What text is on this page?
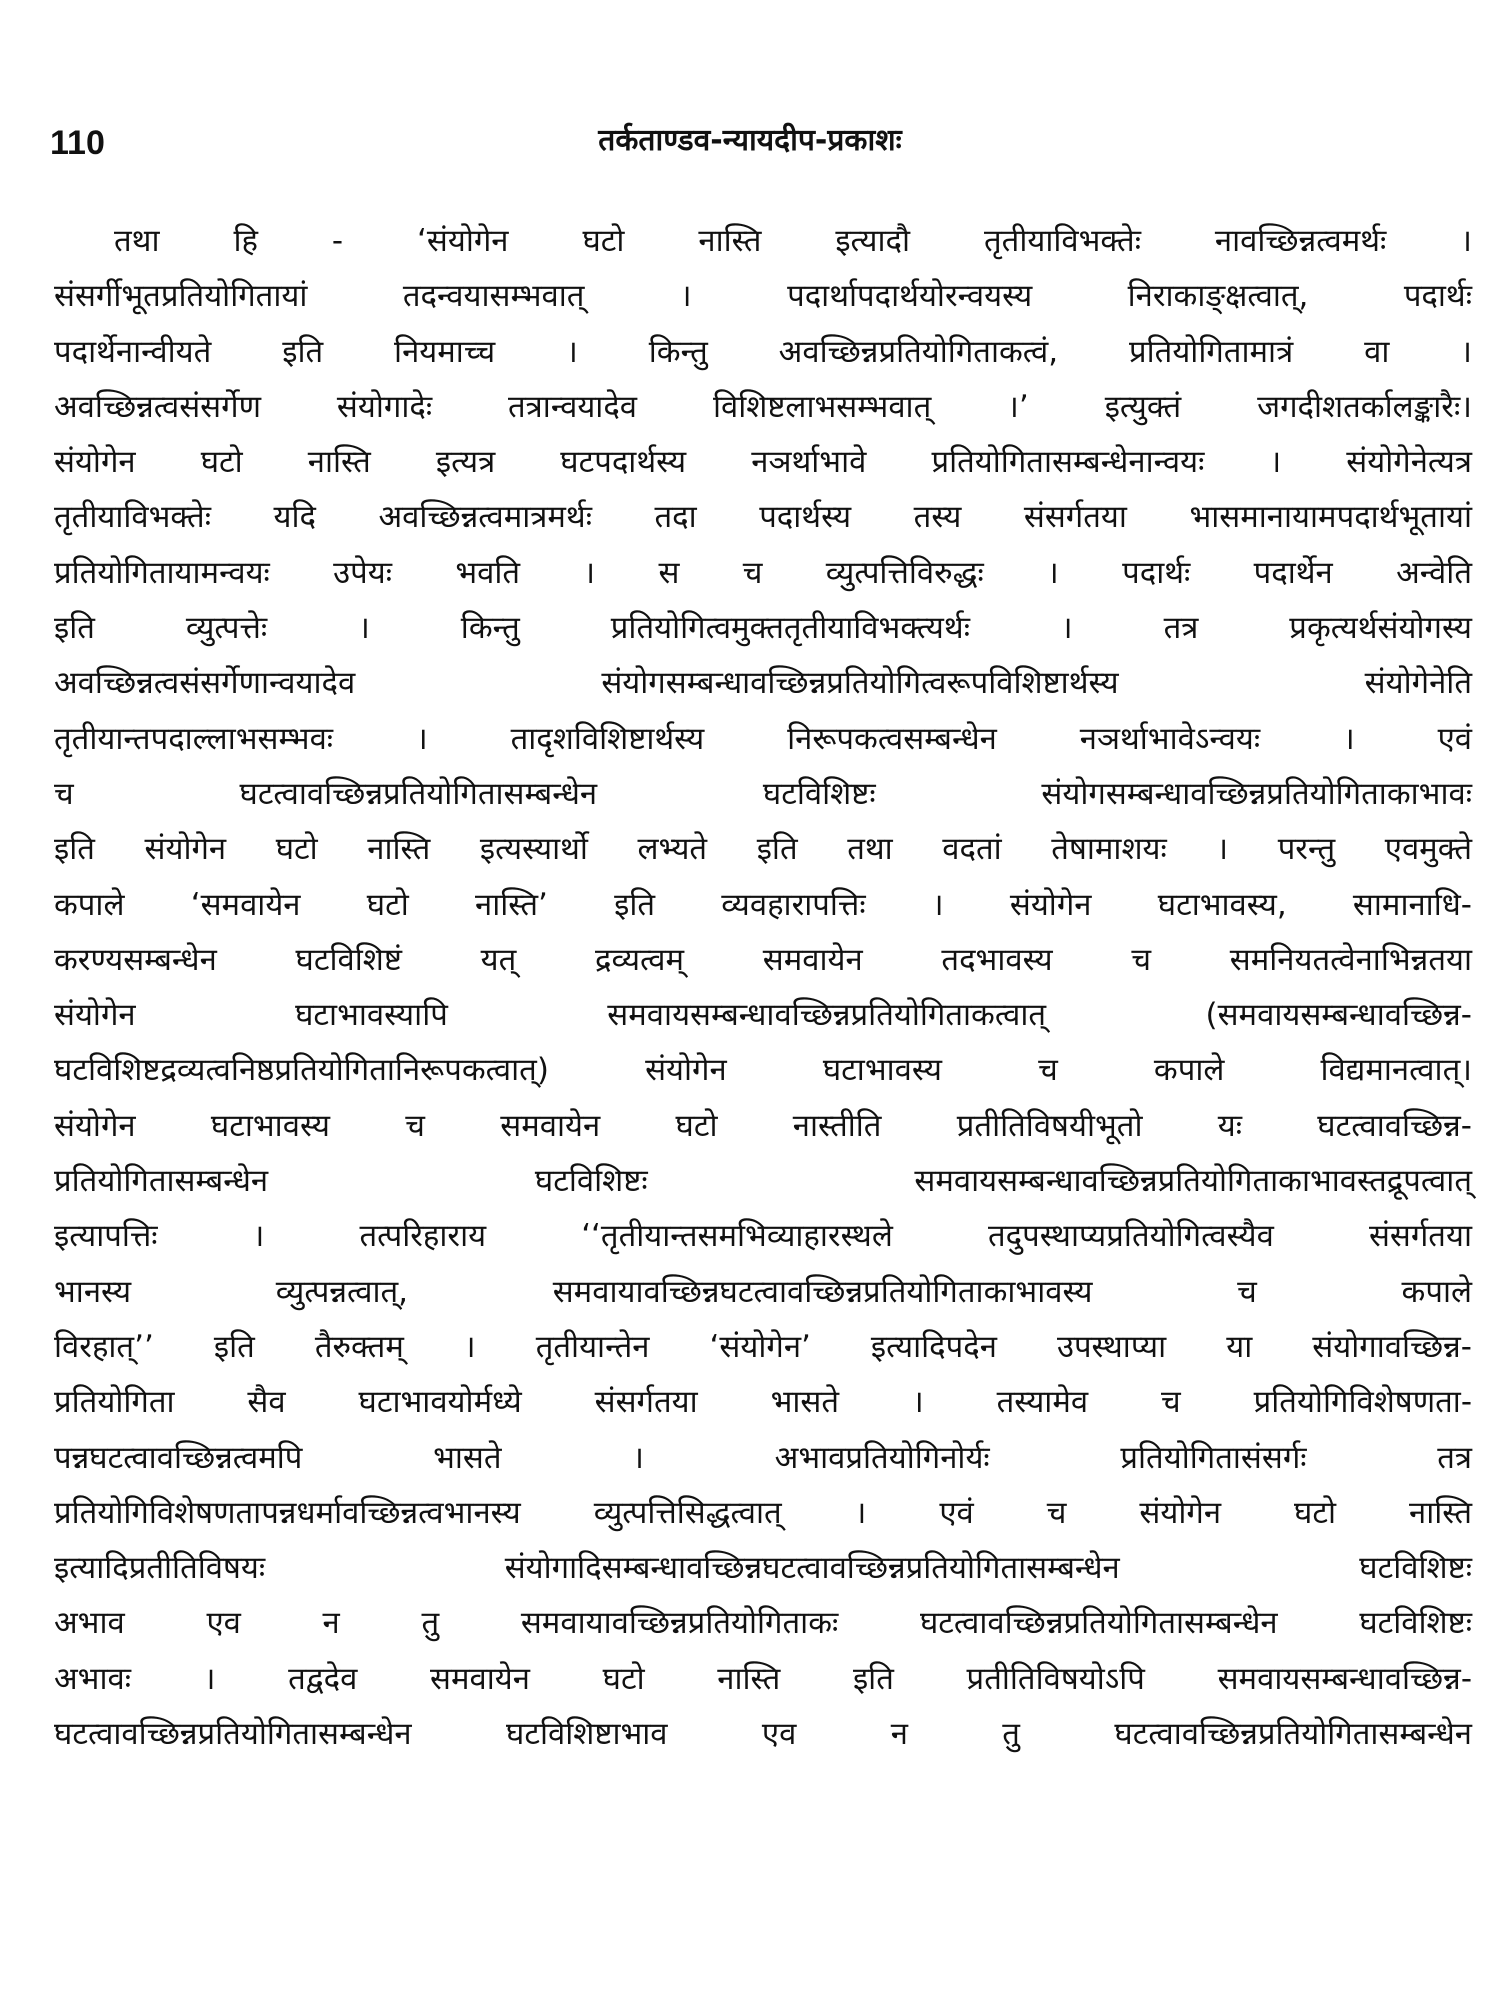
110	तर्कताण्डव-न्यायदीप-प्रकाशः
तथा हि - ‘संयोगेन घटो नास्ति इत्यादौ तृतीयाविभक्तेः नावच्छिन्नत्वमर्थः ।
संसर्गीभूतप्रतियोगितायां तदन्वयासम्भवात् । पदार्थापदार्थयोरन्वयस्य निराकाङ्क्षत्वात्, पदार्थः
पदार्थेनान्वीयते इति नियमाच्च । किन्तु अवच्छिन्नप्रतियोगिताकत्वं, प्रतियोगितामात्रं वा ।
अवच्छिन्नत्वसंसर्गेण संयोगादेः तत्रान्वयादेव विशिष्टलाभसम्भवात् ।’ इत्युक्तं जगदीशतर्कालङ्कारैः।
संयोगेन घटो नास्ति इत्यत्र घटपदार्थस्य नञर्थाभावे प्रतियोगितासम्बन्धेनान्वयः । संयोगेनेत्यत्र
तृतीयाविभक्तेः यदि अवच्छिन्नत्वमात्रमर्थः तदा पदार्थस्य तस्य संसर्गतया भासमानायामपदार्थभूतायां
प्रतियोगितायामन्वयः उपेयः भवति । स च व्युत्पत्तिविरुद्धः । पदार्थः पदार्थेन अन्वेति
इति व्युत्पत्तेः । किन्तु प्रतियोगित्वमुक्ततृतीयाविभक्त्यर्थः । तत्र प्रकृत्यर्थसंयोगस्य
अवच्छिन्नत्वसंसर्गेणान्वयादेव संयोगसम्बन्धावच्छिन्नप्रतियोगित्वरूपविशिष्टार्थस्य संयोगेनेति
तृतीयान्तपदाल्लाभसम्भवः । तादृशविशिष्टार्थस्य निरूपकत्वसम्बन्धेन नञर्थाभावेऽन्वयः । एवं
च घटत्वावच्छिन्नप्रतियोगितासम्बन्धेन घटविशिष्टः संयोगसम्बन्धावच्छिन्नप्रतियोगिताकाभावः
इति संयोगेन घटो नास्ति इत्यस्यार्थो लभ्यते इति तथा वदतां तेषामाशयः । परन्तु एवमुक्ते
कपाले ‘समवायेन घटो नास्ति’ इति व्यवहारापत्तिः । संयोगेन घटाभावस्य, सामानाधि-
करण्यसम्बन्धेन घटविशिष्टं यत् द्रव्यत्वम् समवायेन तदभावस्य च समनियतत्वेनाभिन्नतया
संयोगेन घटाभावस्यापि समवायसम्बन्धावच्छिन्नप्रतियोगिताकत्वात् (समवायसम्बन्धावच्छिन्न-
घटविशिष्टद्रव्यत्वनिष्ठप्रतियोगितानिरूपकत्वात्) संयोगेन घटाभावस्य च कपाले विद्यमानत्वात्।
संयोगेन घटाभावस्य च समवायेन घटो नास्तीति प्रतीतिविषयीभूतो यः घटत्वावच्छिन्न-
प्रतियोगितासम्बन्धेन घटविशिष्टः समवायसम्बन्धावच्छिन्नप्रतियोगिताकाभावस्तद्रूपत्वात्
इत्यापत्तिः । तत्परिहाराय ‘‘तृतीयान्तसमभिव्याहारस्थले तदुपस्थाप्यप्रतियोगित्वस्यैव संसर्गतया
भानस्य व्युत्पन्नत्वात्, समवायावच्छिन्नघटत्वावच्छिन्नप्रतियोगिताकाभावस्य च कपाले
विरहात्’’ इति तैरुक्तम् । तृतीयान्तेन ‘संयोगेन’ इत्यादिपदेन उपस्थाप्या या संयोगावच्छिन्न-
प्रतियोगिता सैव घटाभावयोर्मध्ये संसर्गतया भासते । तस्यामेव च प्रतियोगिविशेषणता-
पन्नघटत्वावच्छिन्नत्वमपि भासते । अभावप्रतियोगिनोर्यः प्रतियोगितासंसर्गः तत्र
प्रतियोगिविशेषणतापन्नधर्मावच्छिन्नत्वभानस्य व्युत्पत्तिसिद्धत्वात् । एवं च संयोगेन घटो नास्ति
इत्यादिप्रतीतिविषयः संयोगादिसम्बन्धावच्छिन्नघटत्वावच्छिन्नप्रतियोगितासम्बन्धेन घटविशिष्टः
अभाव एव न तु समवायावच्छिन्नप्रतियोगिताकः घटत्वावच्छिन्नप्रतियोगितासम्बन्धेन घटविशिष्टः
अभावः । तद्वदेव समवायेन घटो नास्ति इति प्रतीतिविषयोऽपि समवायसम्बन्धावच्छिन्न-
घटत्वावच्छिन्नप्रतियोगितासम्बन्धेन घटविशिष्टाभाव एव न तु घटत्वावच्छिन्नप्रतियोगितासम्बन्धेन
